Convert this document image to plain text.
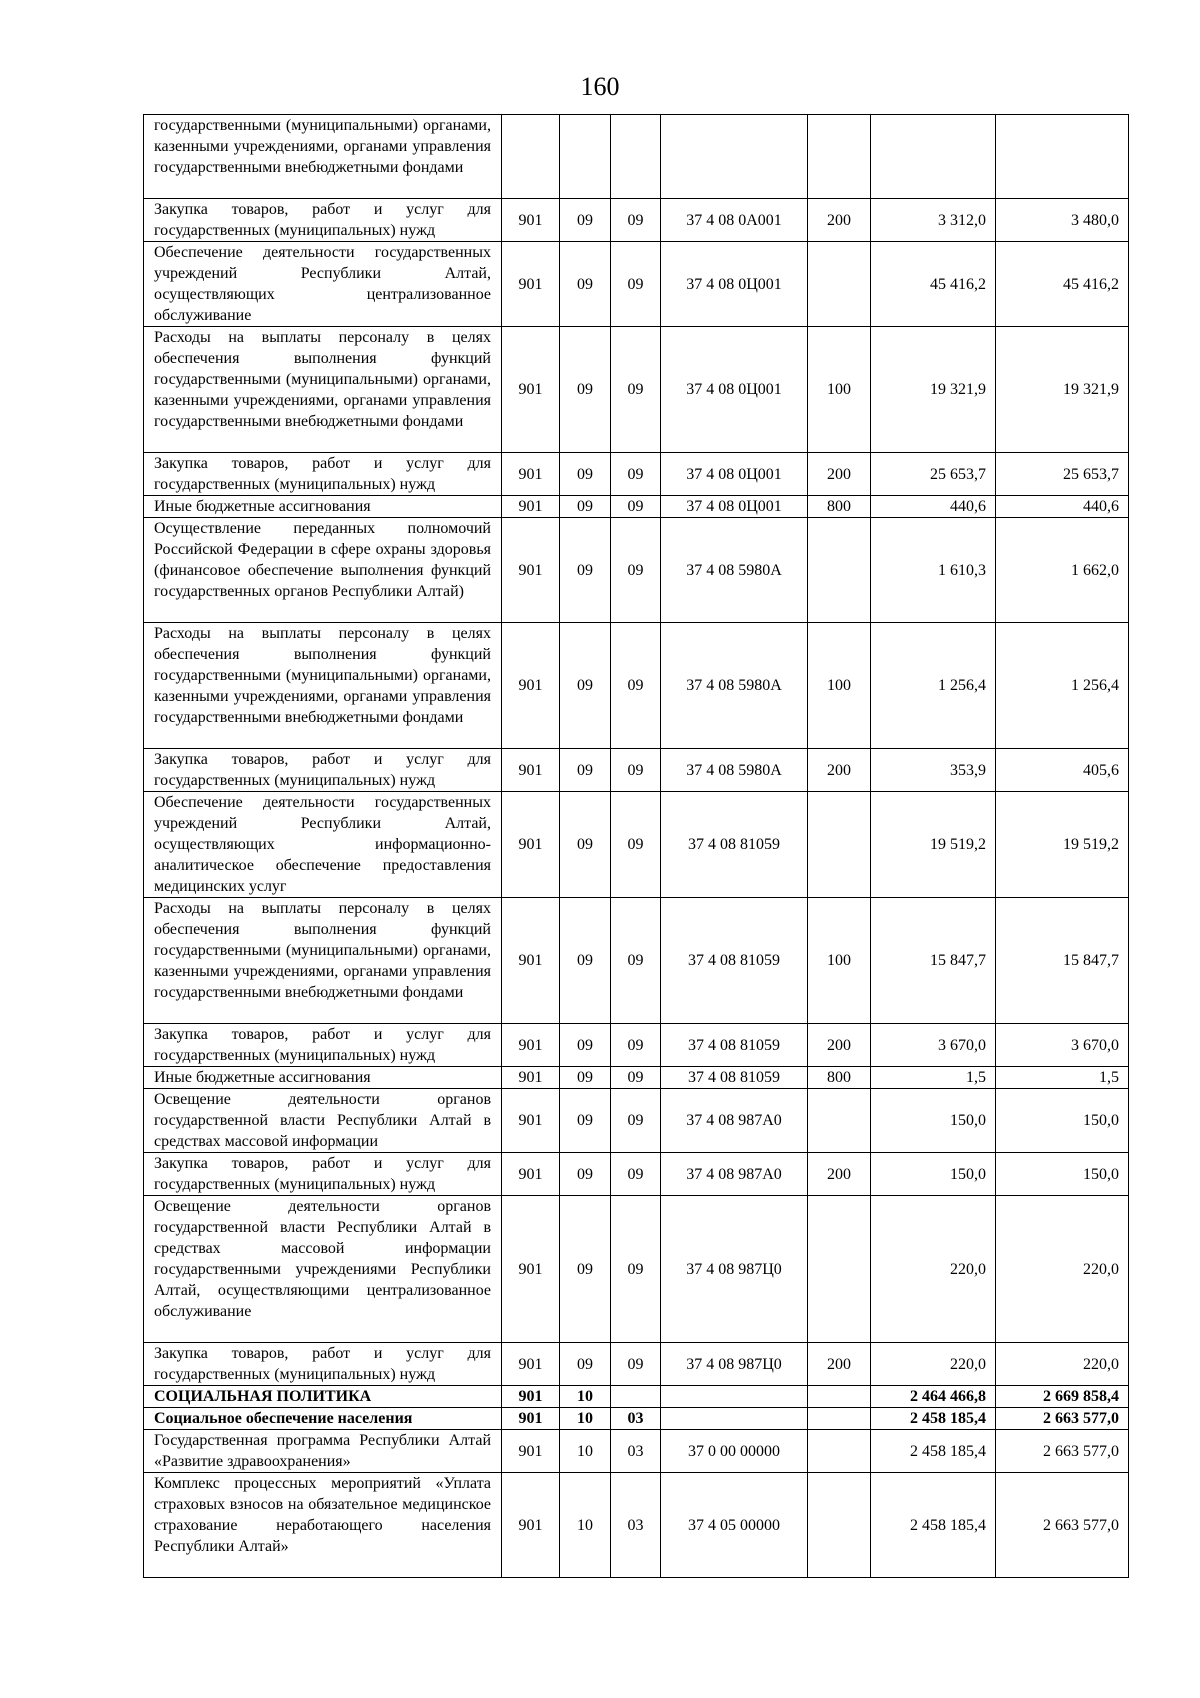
160
государственными (муниципальными) органами, казенными учреждениями, органами управления государственными внебюджетными фондами							
Закупка товаров, работ и услуг для государственных (муниципальных) нужд	901	09	09	37 4 08 0А001	200	3 312,0	3 480,0
Обеспечение деятельности государственных учреждений Республики Алтай, осуществляющих централизованное обслуживание	901	09	09	37 4 08 0Ц001		45 416,2	45 416,2
Расходы на выплаты персоналу в целях обеспечения выполнения функций государственными (муниципальными) органами, казенными учреждениями, органами управления государственными внебюджетными фондами	901	09	09	37 4 08 0Ц001	100	19 321,9	19 321,9
Закупка товаров, работ и услуг для государственных (муниципальных) нужд	901	09	09	37 4 08 0Ц001	200	25 653,7	25 653,7
Иные бюджетные ассигнования	901	09	09	37 4 08 0Ц001	800	440,6	440,6
Осуществление переданных полномочий Российской Федерации в сфере охраны здоровья (финансовое обеспечение выполнения функций государственных органов Республики Алтай)	901	09	09	37 4 08 5980А		1 610,3	1 662,0
Расходы на выплаты персоналу в целях обеспечения выполнения функций государственными (муниципальными) органами, казенными учреждениями, органами управления государственными внебюджетными фондами	901	09	09	37 4 08 5980А	100	1 256,4	1 256,4
Закупка товаров, работ и услуг для государственных (муниципальных) нужд	901	09	09	37 4 08 5980А	200	353,9	405,6
Обеспечение деятельности государственных учреждений Республики Алтай, осуществляющих информационно-аналитическое обеспечение предоставления медицинских услуг	901	09	09	37 4 08 81059		19 519,2	19 519,2
Расходы на выплаты персоналу в целях обеспечения выполнения функций государственными (муниципальными) органами, казенными учреждениями, органами управления государственными внебюджетными фондами	901	09	09	37 4 08 81059	100	15 847,7	15 847,7
Закупка товаров, работ и услуг для государственных (муниципальных) нужд	901	09	09	37 4 08 81059	200	3 670,0	3 670,0
Иные бюджетные ассигнования	901	09	09	37 4 08 81059	800	1,5	1,5
Освещение деятельности органов государственной власти Республики Алтай в средствах массовой информации	901	09	09	37 4 08 987А0		150,0	150,0
Закупка товаров, работ и услуг для государственных (муниципальных) нужд	901	09	09	37 4 08 987А0	200	150,0	150,0
Освещение деятельности органов государственной власти Республики Алтай в средствах массовой информации государственными учреждениями Республики Алтай, осуществляющими централизованное обслуживание	901	09	09	37 4 08 987Ц0		220,0	220,0
Закупка товаров, работ и услуг для государственных (муниципальных) нужд	901	09	09	37 4 08 987Ц0	200	220,0	220,0
СОЦИАЛЬНАЯ ПОЛИТИКА	901	10				2 464 466,8	2 669 858,4
Социальное обеспечение населения	901	10	03			2 458 185,4	2 663 577,0
Государственная программа Республики Алтай «Развитие здравоохранения»	901	10	03	37 0 00 00000		2 458 185,4	2 663 577,0
Комплекс процессных мероприятий «Уплата страховых взносов на обязательное медицинское страхование неработающего населения Республики Алтай»	901	10	03	37 4 05 00000		2 458 185,4	2 663 577,0
